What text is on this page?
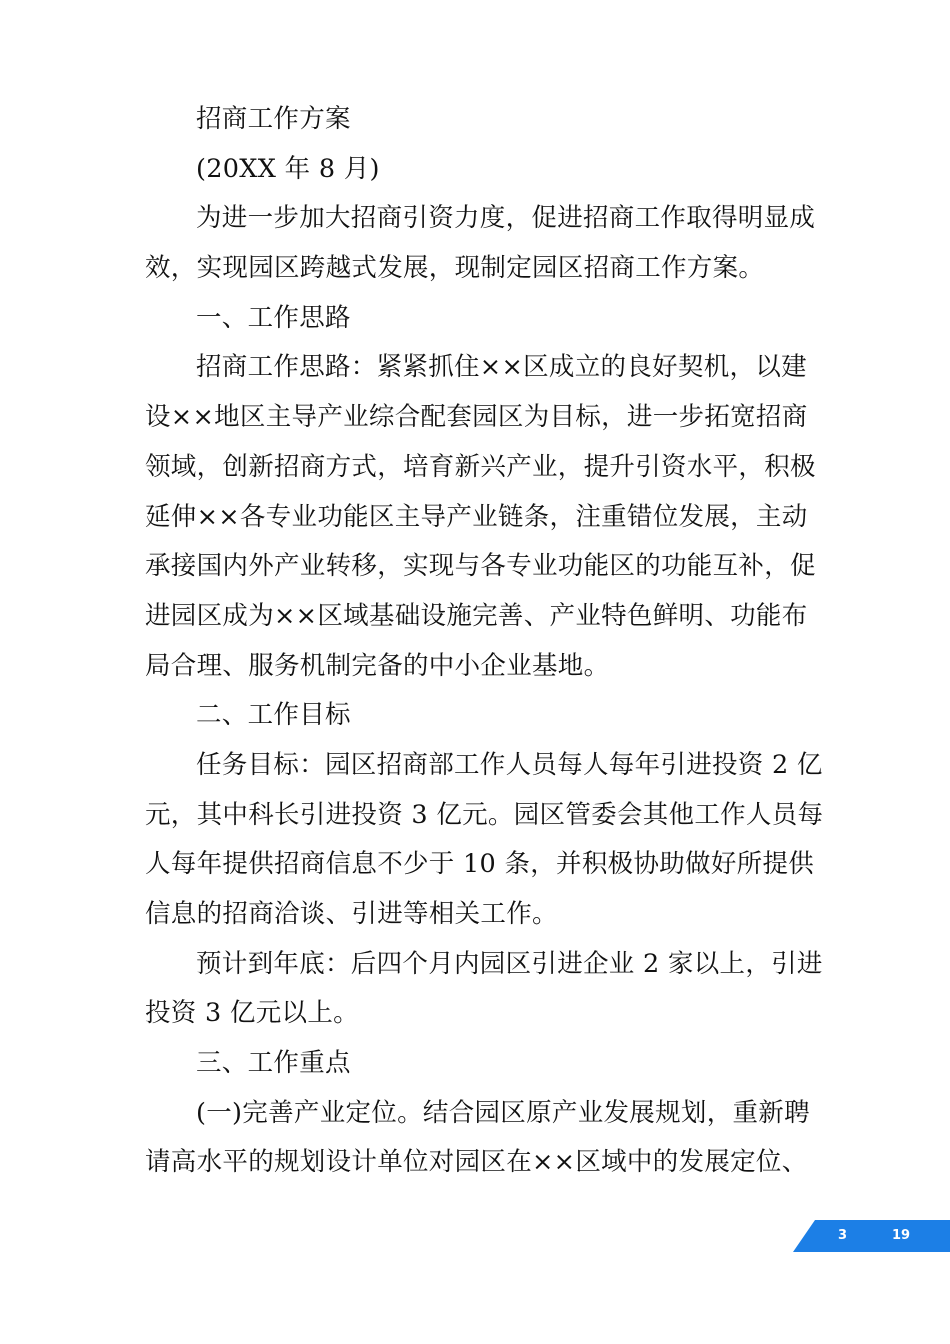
招商工作方案
(20XX 年 8 月)
为进一步加大招商引资力度，促进招商工作取得明显成
效，实现园区跨越式发展，现制定园区招商工作方案。
一、工作思路
招商工作思路：紧紧抓住××区成立的良好契机，以建
设××地区主导产业综合配套园区为目标，进一步拓宽招商
领域，创新招商方式，培育新兴产业，提升引资水平，积极
延伸××各专业功能区主导产业链条，注重错位发展，主动
承接国内外产业转移，实现与各专业功能区的功能互补，促
进园区成为××区域基础设施完善、产业特色鲜明、功能布
局合理、服务机制完备的中小企业基地。
二、工作目标
任务目标：园区招商部工作人员每人每年引进投资 2 亿
元，其中科长引进投资 3 亿元。园区管委会其他工作人员每
人每年提供招商信息不少于 10 条，并积极协助做好所提供
信息的招商洽谈、引进等相关工作。
预计到年底：后四个月内园区引进企业 2 家以上，引进
投资 3 亿元以上。
三、工作重点
(一)完善产业定位。结合园区原产业发展规划，重新聘
请高水平的规划设计单位对园区在××区域中的发展定位、
3	19
